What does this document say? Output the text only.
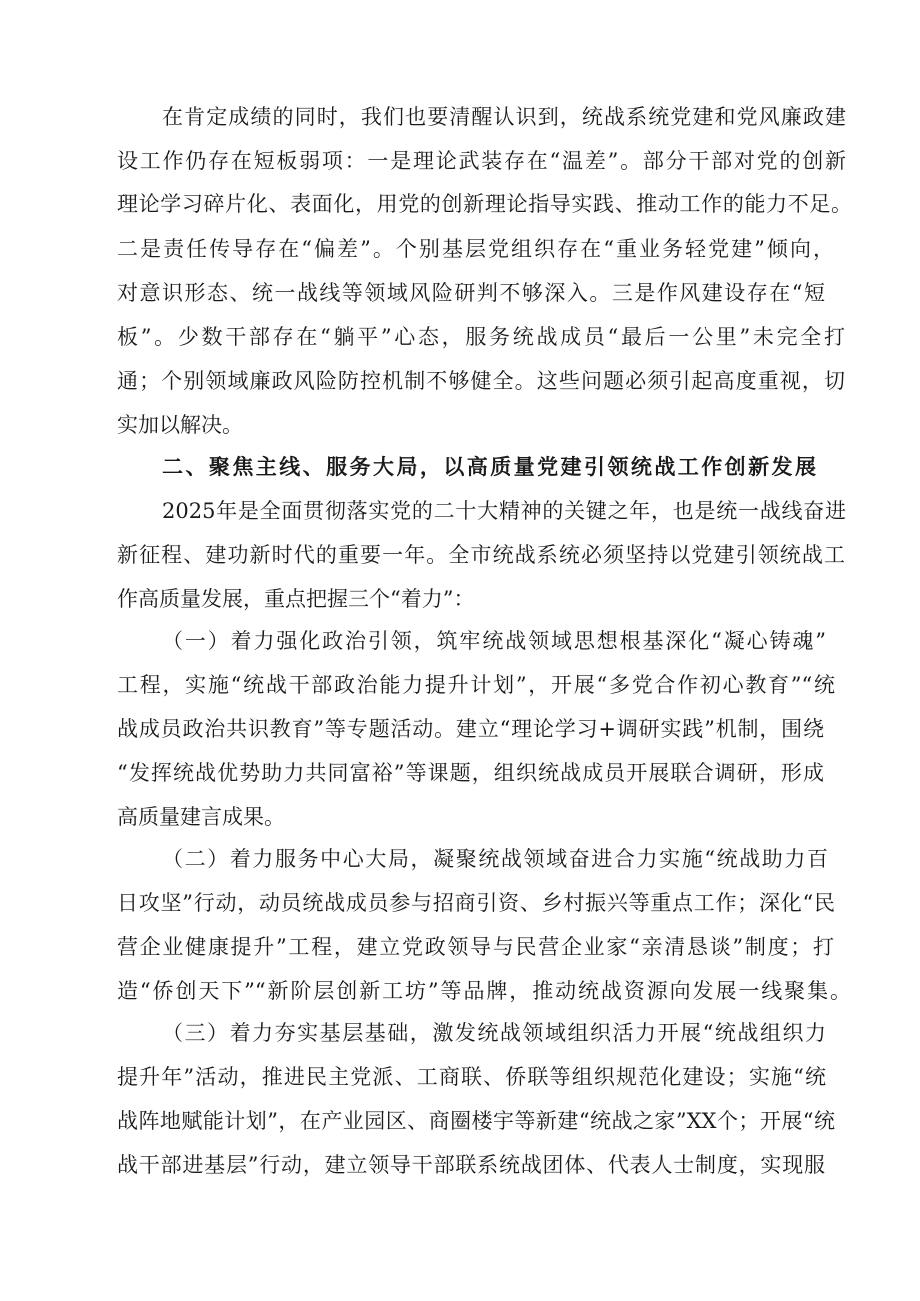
在肯定成绩的同时，我们也要清醒认识到，统战系统党建和党风廉政建

设工作仍存在短板弱项：一是理论武装存在“温差”。部分干部对党的创新

理论学习碎片化、表面化，用党的创新理论指导实践、推动工作的能力不足。

二是责任传导存在“偏差”。个别基层党组织存在“重业务轻党建”倾向，

对意识形态、统一战线等领域风险研判不够深入。三是作风建设存在“短

板”。少数干部存在“躺平”心态，服务统战成员“最后一公里”未完全打

通；个别领域廉政风险防控机制不够健全。这些问题必须引起高度重视，切

实加以解决。

二、聚焦主线、服务大局，以高质量党建引领统战工作创新发展

2025年是全面贯彻落实党的二十大精神的关键之年，也是统一战线奋进

新征程、建功新时代的重要一年。全市统战系统必须坚持以党建引领统战工

作高质量发展，重点把握三个“着力”：

（一）着力强化政治引领，筑牢统战领域思想根基深化“凝心铸魂”

工程，实施“统战干部政治能力提升计划”，开展“多党合作初心教育”“统

战成员政治共识教育”等专题活动。建立“理论学习+调研实践”机制，围绕

“发挥统战优势助力共同富裕”等课题，组织统战成员开展联合调研，形成

高质量建言成果。

（二）着力服务中心大局，凝聚统战领域奋进合力实施“统战助力百

日攻坚”行动，动员统战成员参与招商引资、乡村振兴等重点工作；深化“民

营企业健康提升”工程，建立党政领导与民营企业家“亲清恳谈”制度；打

造“侨创天下”“新阶层创新工坊”等品牌，推动统战资源向发展一线聚集。

（三）着力夯实基层基础，激发统战领域组织活力开展“统战组织力

提升年”活动，推进民主党派、工商联、侨联等组织规范化建设；实施“统

战阵地赋能计划”，在产业园区、商圈楼宇等新建“统战之家”XX个；开展“统

战干部进基层”行动，建立领导干部联系统战团体、代表人士制度，实现服
